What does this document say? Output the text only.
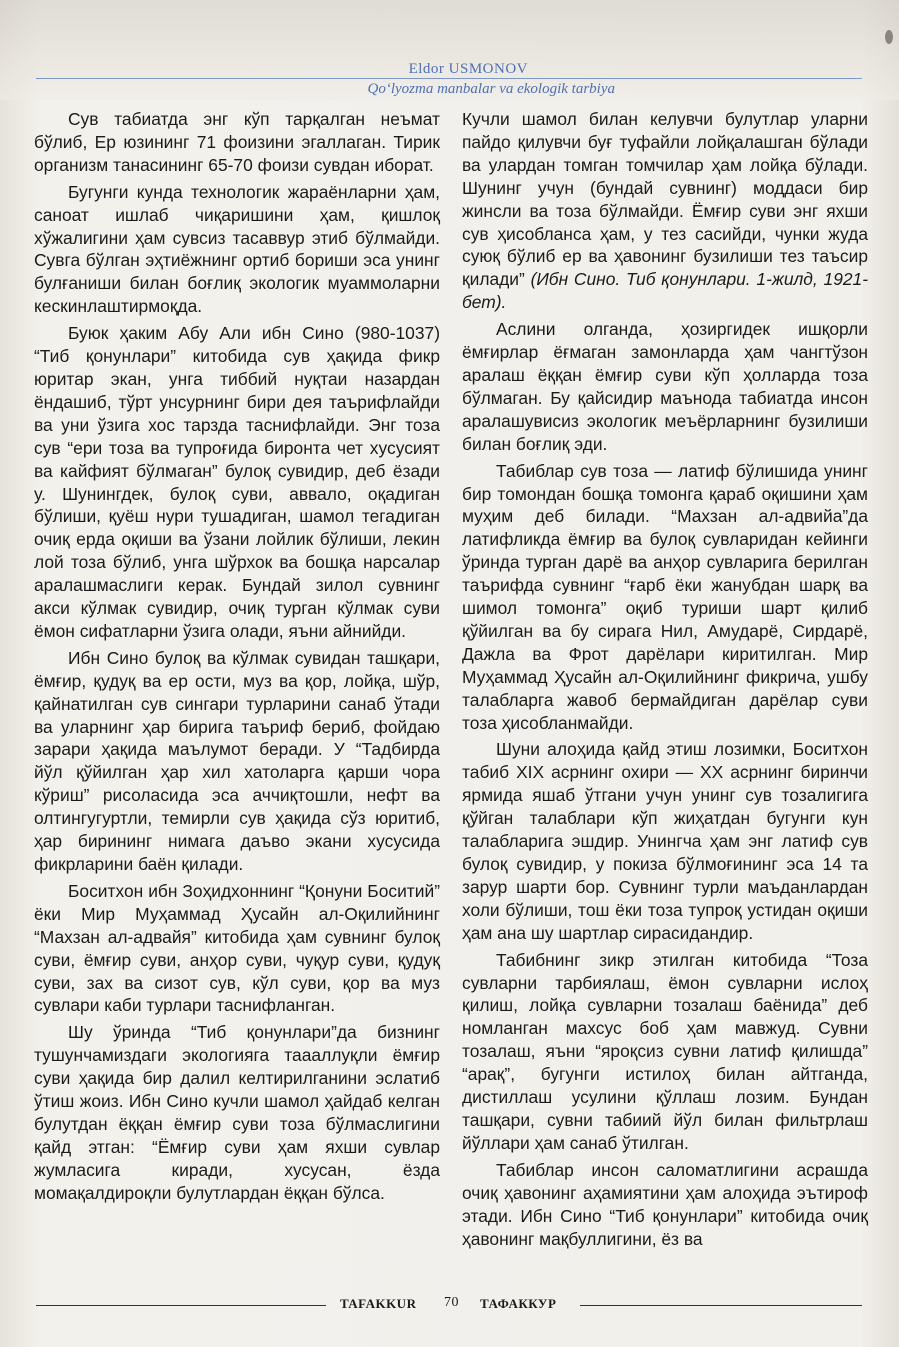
Eldor USMONOV
Qo‘lyozma manbalar va ekologik tarbiya

Сув табиатда энг кўп тарқалган неъмат бўлиб, Ер юзининг 71 фоизини эгаллаган. Тирик организм танасининг 65-70 фоизи сувдан иборат.

Бугунги кунда технологик жараёнларни ҳам, саноат ишлаб чиқаришини ҳам, қишлоқ хўжалигини ҳам сувсиз тасаввур этиб бўлмайди. Сувга бўлган эҳтиёжнинг ортиб бориши эса унинг булғаниши билан боғлиқ экологик муаммоларни кескинлаштирмоқда.

Буюк ҳаким Абу Али ибн Сино (980-1037) “Тиб қонунлари” китобида сув ҳақида фикр юритар экан, унга тиббий нуқтаи назардан ёндашиб, тўрт унсурнинг бири дея таърифлайди ва уни ўзига хос тарзда таснифлайди. Энг тоза сув “ери тоза ва тупроғида биронта чет хусусият ва кайфият бўлмаган” булоқ сувидир, деб ёзади у. Шунингдек, булоқ суви, аввало, оқадиган бўлиши, қуёш нури тушадиган, шамол тегадиган очиқ ерда оқиши ва ўзани лойлик бўлиши, лекин лой тоза бўлиб, унга шўрхок ва бошқа нарсалар аралашмаслиги керак. Бундай зилол сувнинг акси кўлмак сувидир, очиқ турган кўлмак суви ёмон сифатларни ўзига олади, яъни айнийди.

Ибн Сино булоқ ва кўлмак сувидан ташқари, ёмғир, қудуқ ва ер ости, муз ва қор, лойқа, шўр, қайнатилган сув сингари турларини санаб ўтади ва уларнинг ҳар бирига таъриф бериб, фойдаю зарари ҳақида маълумот беради. У “Тадбирда йўл қўйилган ҳар хил хатоларга қарши чора кўриш” рисоласида эса аччиқтошли, нефт ва олтингугуртли, темирли сув ҳақида сўз юритиб, ҳар бирининг нимага даъво экани хусусида фикрларини баён қилади.

Боситхон ибн Зоҳидхоннинг “Қонуни Боситий” ёки Мир Муҳаммад Ҳусайн ал-Оқилийнинг “Махзан ал-адвайя” китобида ҳам сувнинг булоқ суви, ёмғир суви, анҳор суви, чуқур суви, қудуқ суви, зах ва сизот сув, кўл суви, қор ва муз сувлари каби турлари таснифланган.

Шу ўринда “Тиб қонунлари”да бизнинг тушунчамиздаги экологияга таааллуқли ёмғир суви ҳақида бир далил келтирилганини эслатиб ўтиш жоиз. Ибн Сино кучли шамол ҳайдаб келган булутдан ёққан ёмғир суви тоза бўлмаслигини қайд этган: “Ёмғир суви ҳам яхши сувлар жумласига киради, хусусан, ёзда момақалдироқли булутлардан ёққан бўлса.

Кучли шамол билан келувчи булутлар уларни пайдо қилувчи буғ туфайли лойқалашган бўлади ва улардан томган томчилар ҳам лойқа бўлади. Шунинг учун (бундай сувнинг) моддаси бир жинсли ва тоза бўлмайди. Ёмғир суви энг яхши сув ҳисобланса ҳам, у тез сасийди, чунки жуда суюқ бўлиб ер ва ҳавонинг бузилиши тез таъсир қилади” (Ибн Сино. Тиб қонунлари. 1-жилд, 1921-бет).

Аслини олганда, ҳозиргидек ишқорли ёмғирлар ёғмаган замонларда ҳам чангтўзон аралаш ёққан ёмғир суви кўп ҳолларда тоза бўлмаган. Бу қайсидир маънода табиатда инсон аралашувисиз экологик меъёрларнинг бузилиши билан боғлиқ эди.

Табиблар сув тоза — латиф бўлишида унинг бир томондан бошқа томонга қараб оқишини ҳам муҳим деб билади. “Махзан ал-адвийа”да латифликда ёмғир ва булоқ сувларидан кейинги ўринда турган дарё ва анҳор сувларига берилган таърифда сувнинг “ғарб ёки жанубдан шарқ ва шимол томонга” оқиб туриши шарт қилиб қўйилган ва бу сирага Нил, Амударё, Сирдарё, Дажла ва Фрот дарёлари киритилган. Мир Муҳаммад Ҳусайн ал-Оқилийнинг фикрича, ушбу талабларга жавоб бермайдиган дарёлар суви тоза ҳисобланмайди.

Шуни алоҳида қайд этиш лозимки, Боситхон табиб XIX асрнинг охири — XX асрнинг биринчи ярмида яшаб ўтгани учун унинг сув тозалигига қўйган талаблари кўп жиҳатдан бугунги кун талабларига эшдир. Унингча ҳам энг латиф сув булоқ сувидир, у покиза бўлмоғининг эса 14 та зарур шарти бор. Сувнинг турли маъданлардан холи бўлиши, тош ёки тоза тупроқ устидан оқиши ҳам ана шу шартлар сирасидандир.

Табибнинг зикр этилган китобида “Тоза сувларни тарбиялаш, ёмон сувларни ислоҳ қилиш, лойқа сувларни тозалаш баёнида” деб номланган махсус боб ҳам мавжуд. Сувни тозалаш, яъни “яроқсиз сувни латиф қилишда” “арақ”, бугунги истилоҳ билан айтганда, дистиллаш усулини қўллаш лозим. Бундан ташқари, сувни табиий йўл билан фильтрлаш йўллари ҳам санаб ўтилган.

Табиблар инсон саломатлигини асрашда очиқ ҳавонинг аҳамиятини ҳам алоҳида эътироф этади. Ибн Сино “Тиб қонунлари” китобида очиқ ҳавонинг мақбуллигини, ёз ва

TAFAKKUR 70 ТАФАККУР
